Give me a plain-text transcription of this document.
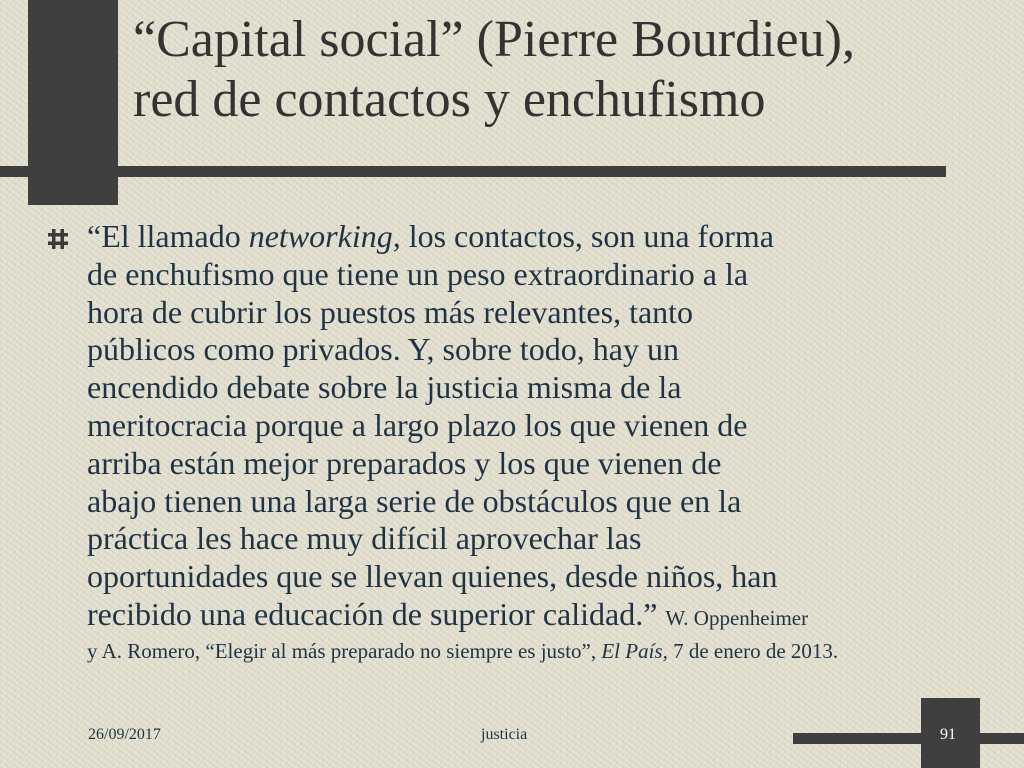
“Capital social” (Pierre Bourdieu),
red de contactos y enchufismo
“El llamado networking, los contactos, son una forma
de enchufismo que tiene un peso extraordinario a la
hora de cubrir los puestos más relevantes, tanto
públicos como privados. Y, sobre todo, hay un
encendido debate sobre la justicia misma de la
meritocracia porque a largo plazo los que vienen de
arriba están mejor preparados y los que vienen de
abajo tienen una larga serie de obstáculos que en la
práctica les hace muy difícil aprovechar las
oportunidades que se llevan quienes, desde niños, han
recibido una educación de superior calidad.” W. Oppenheimer
y A. Romero, “Elegir al más preparado no siempre es justo”, El País, 7 de enero de 2013.
26/09/2017	justicia	91
